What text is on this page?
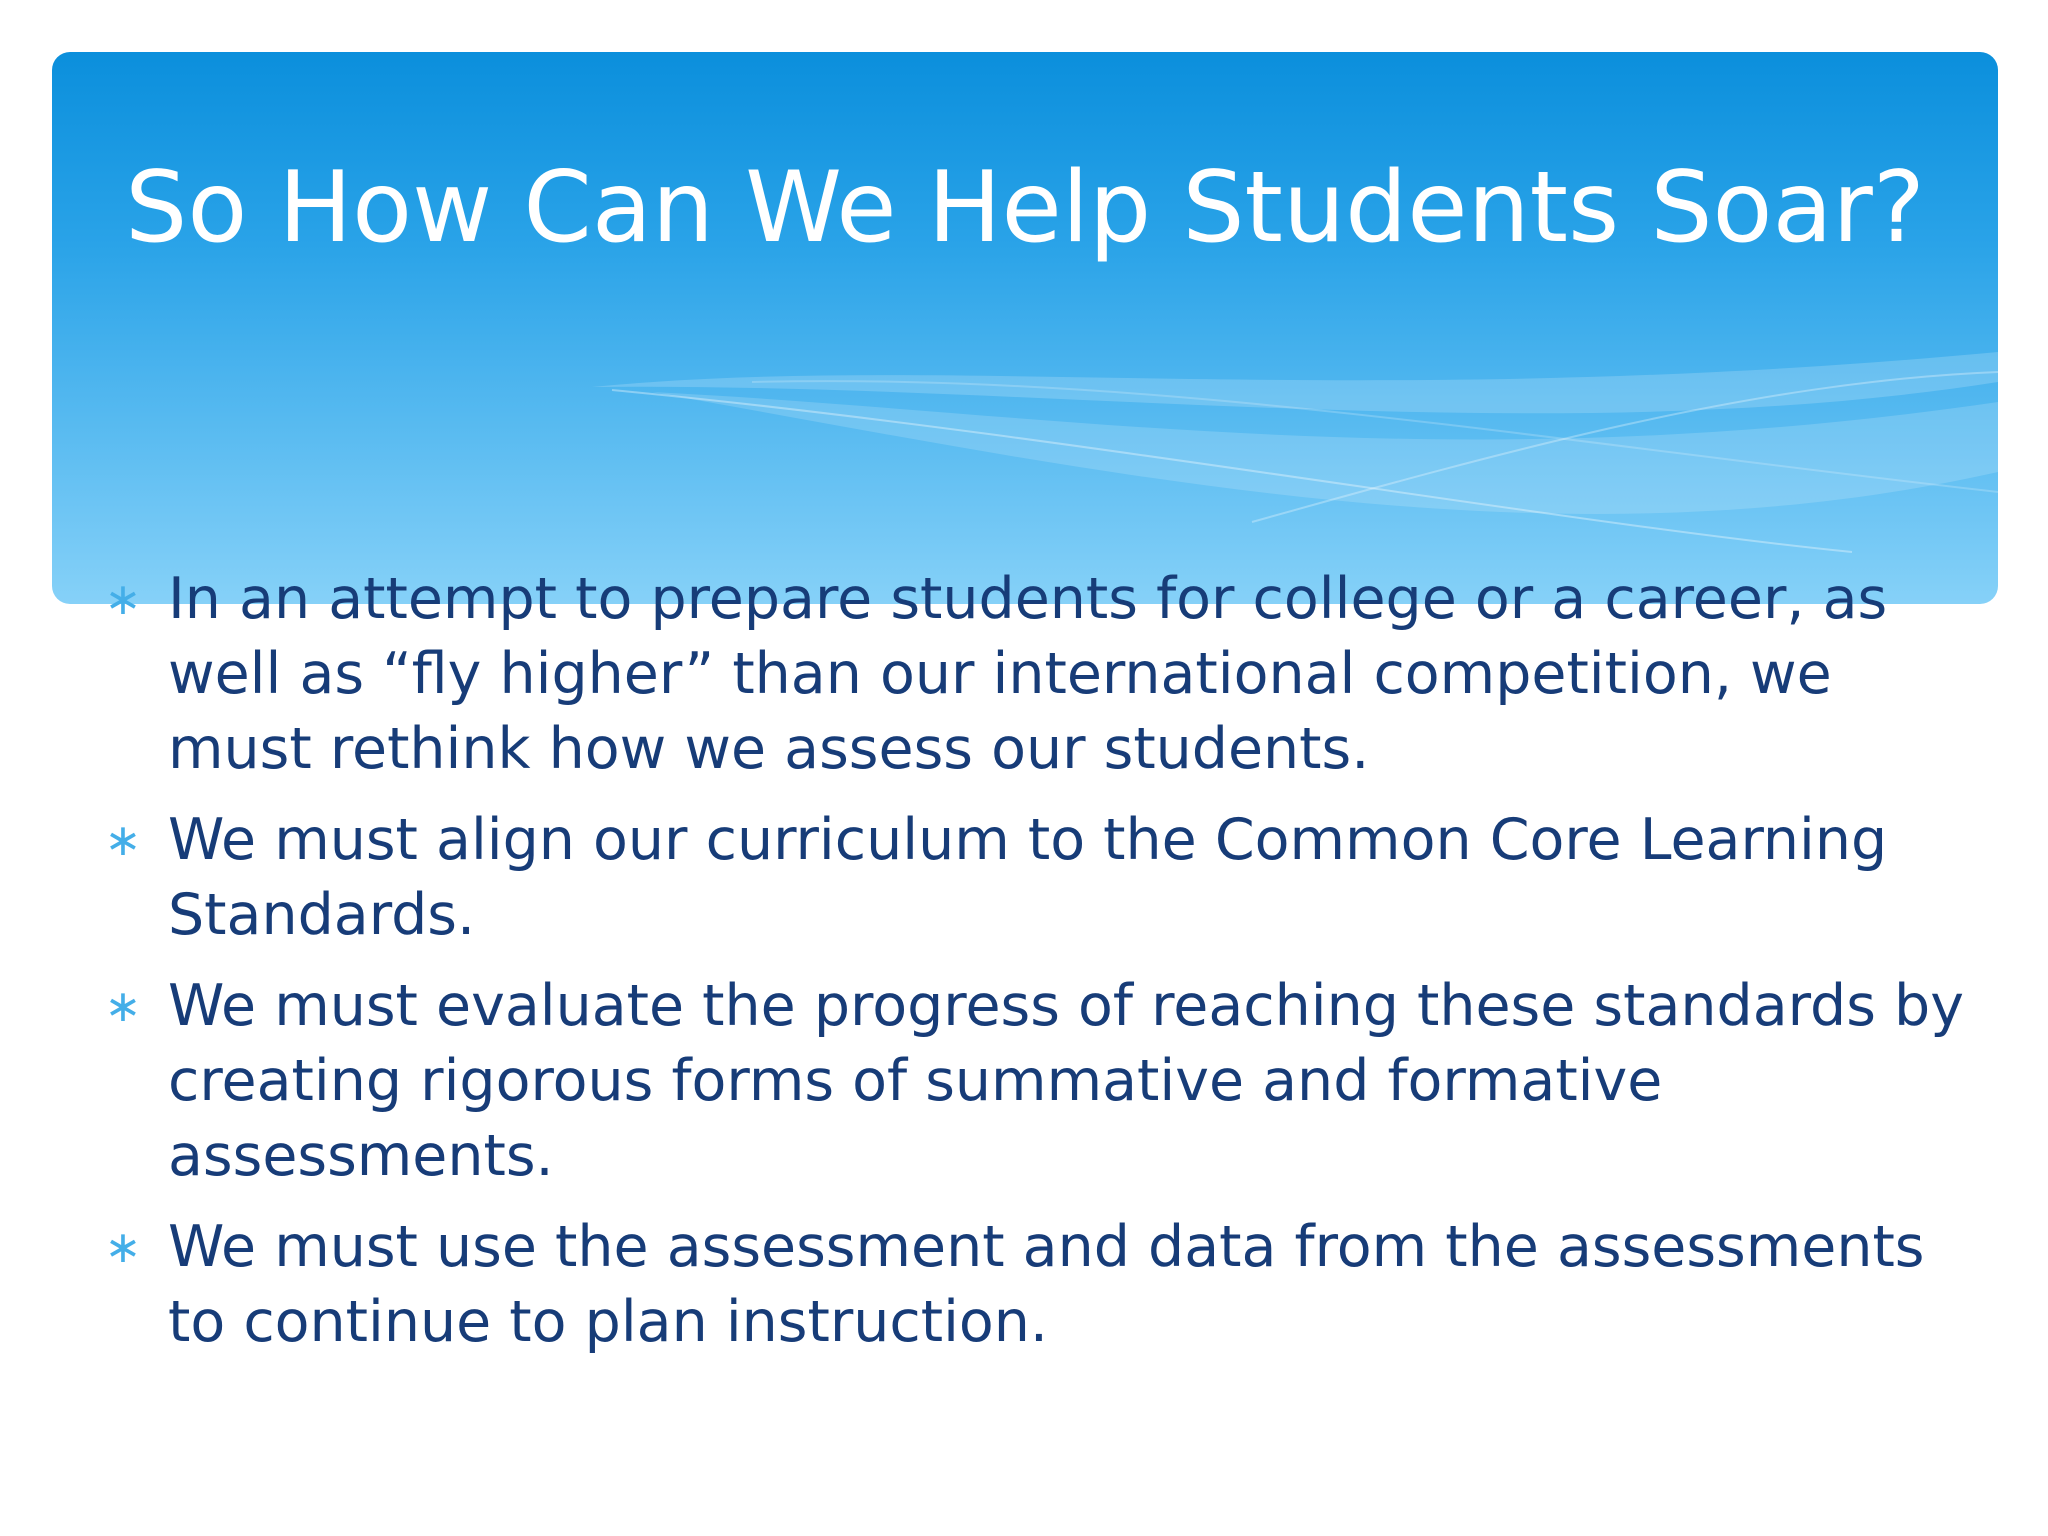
So How Can We Help Students Soar?
∗ In an attempt to prepare students for college or a career, as well as “fly higher” than our international competition, we must rethink how we assess our students.
∗ We must align our curriculum to the Common Core Learning Standards.
∗ We must evaluate the progress of reaching these standards by creating rigorous forms of summative and formative assessments.
∗ We must use the assessment and data from the assessments to continue to plan instruction.
